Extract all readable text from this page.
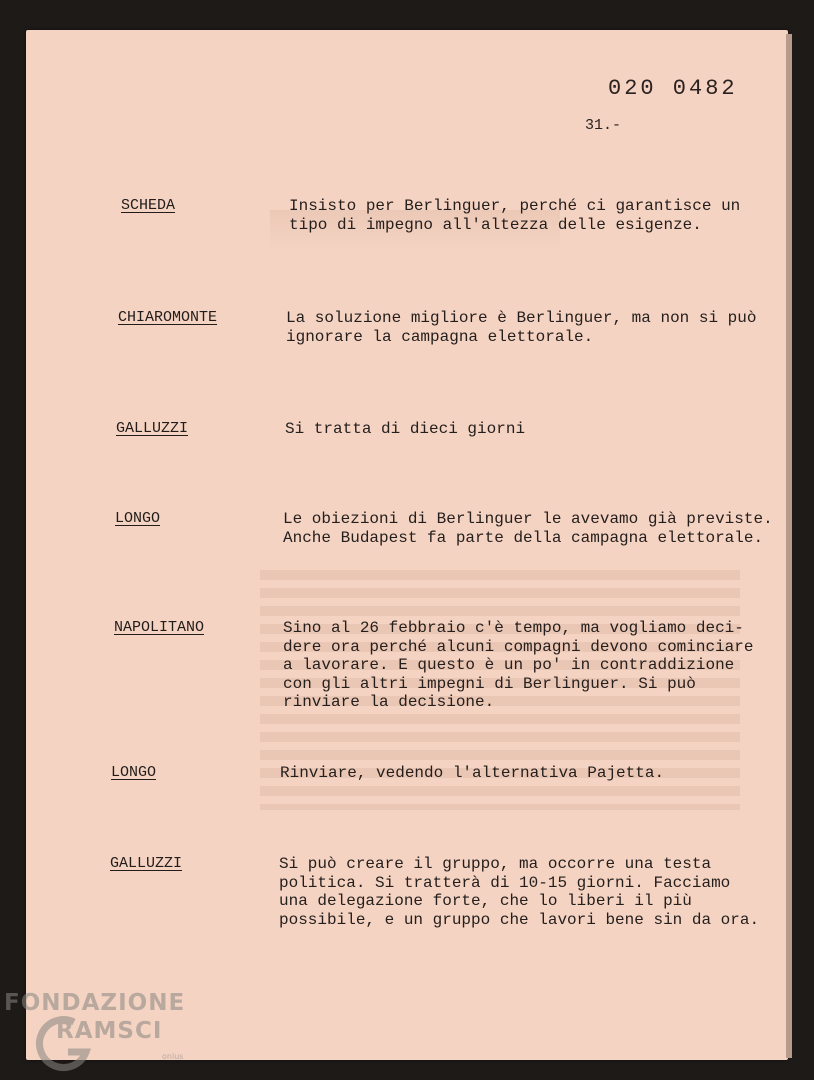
020 0482
31.-
SCHEDA	Insisto per Berlinguer, perché ci garantisce un
tipo di impegno all'altezza delle esigenze.

CHIAROMONTE	La soluzione migliore è Berlinguer, ma non si può
ignorare la campagna elettorale.

GALLUZZI	Si tratta di dieci giorni

LONGO	Le obiezioni di Berlinguer le avevamo già previste.
Anche Budapest fa parte della campagna elettorale.

NAPOLITANO	Sino al 26 febbraio c'è tempo, ma vogliamo deci-
dere ora perché alcuni compagni devono cominciare
a lavorare. E questo è un po' in contraddizione
con gli altri impegni di Berlinguer. Si può
rinviare la decisione.

LONGO	Rinviare, vedendo l'alternativa Pajetta.

GALLUZZI	Si può creare il gruppo, ma occorre una testa
politica. Si tratterà di 10-15 giorni. Facciamo
una delegazione forte, che lo liberi il più
possibile, e un gruppo che lavori bene sin da ora.

FONDAZIONE
RAMSCI
onlus
